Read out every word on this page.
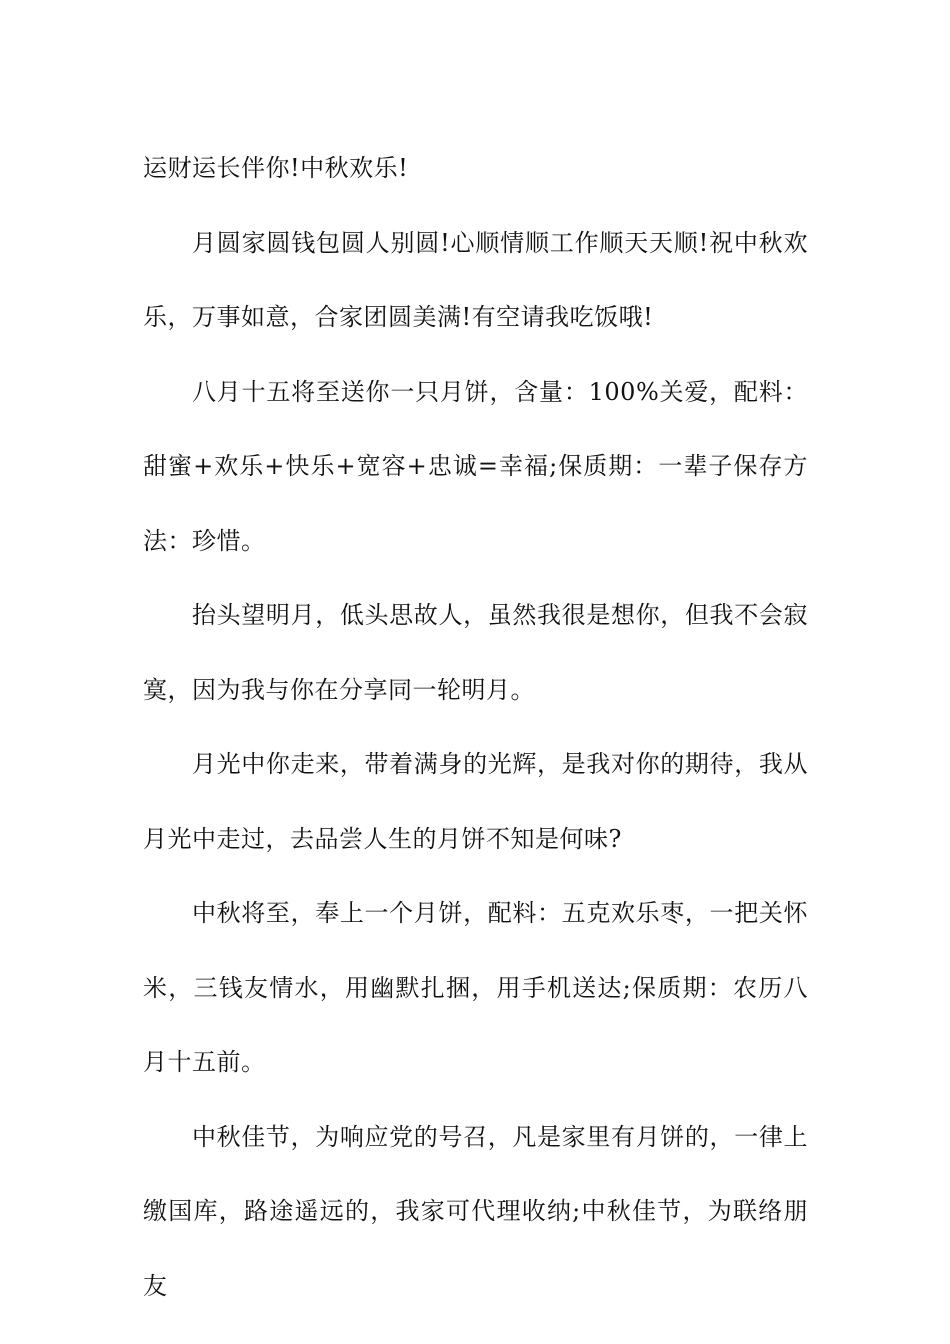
运财运长伴你!中秋欢乐!

月圆家圆钱包圆人别圆!心顺情顺工作顺天天顺!祝中秋欢乐，万事如意，合家团圆美满!有空请我吃饭哦!

八月十五将至送你一只月饼，含量：100%关爱，配料：甜蜜+欢乐+快乐+宽容+忠诚=幸福;保质期：一辈子保存方法：珍惜。

抬头望明月，低头思故人，虽然我很是想你，但我不会寂寞，因为我与你在分享同一轮明月。

月光中你走来，带着满身的光辉，是我对你的期待，我从月光中走过，去品尝人生的月饼不知是何味?

中秋将至，奉上一个月饼，配料：五克欢乐枣，一把关怀米，三钱友情水，用幽默扎捆，用手机送达;保质期：农历八月十五前。

中秋佳节，为响应党的号召，凡是家里有月饼的，一律上缴国库，路途遥远的，我家可代理收纳;中秋佳节，为联络朋友
